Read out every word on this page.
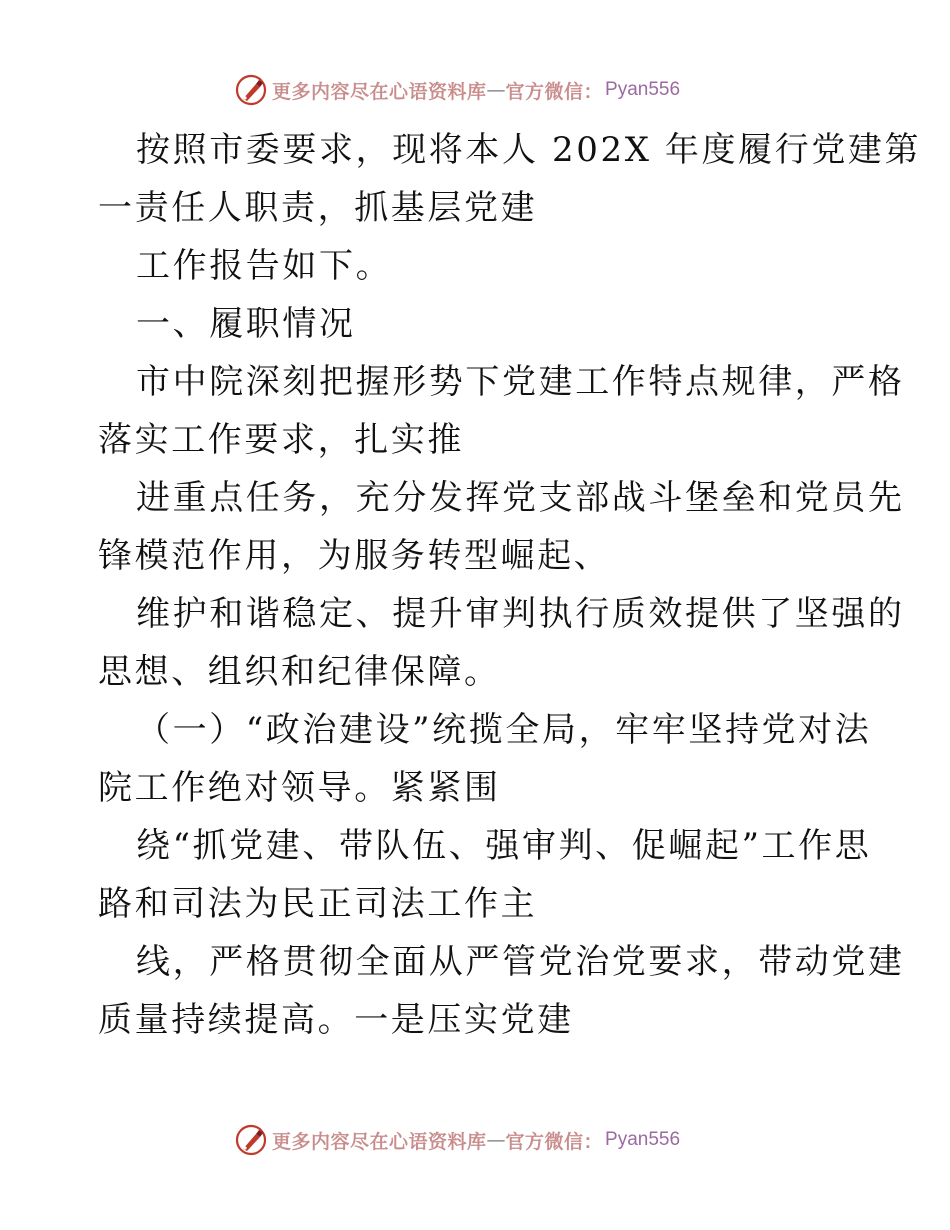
更多内容尽在心语资料库 — 官方微信： Pyan556
按照市委要求，现将本人 202X 年度履行党建第
一责任人职责，抓基层党建
工作报告如下。
一、履职情况
市中院深刻把握形势下党建工作特点规律，严格
落实工作要求，扎实推
进重点任务，充分发挥党支部战斗堡垒和党员先
锋模范作用，为服务转型崛起、
维护和谐稳定、提升审判执行质效提供了坚强的
思想、组织和纪律保障。
（一）“政治建设”统揽全局，牢牢坚持党对法
院工作绝对领导。紧紧围
绕“抓党建、带队伍、强审判、促崛起”工作思
路和司法为民正司法工作主
线，严格贯彻全面从严管党治党要求，带动党建
质量持续提高。一是压实党建
更多内容尽在心语资料库 — 官方微信： Pyan556
